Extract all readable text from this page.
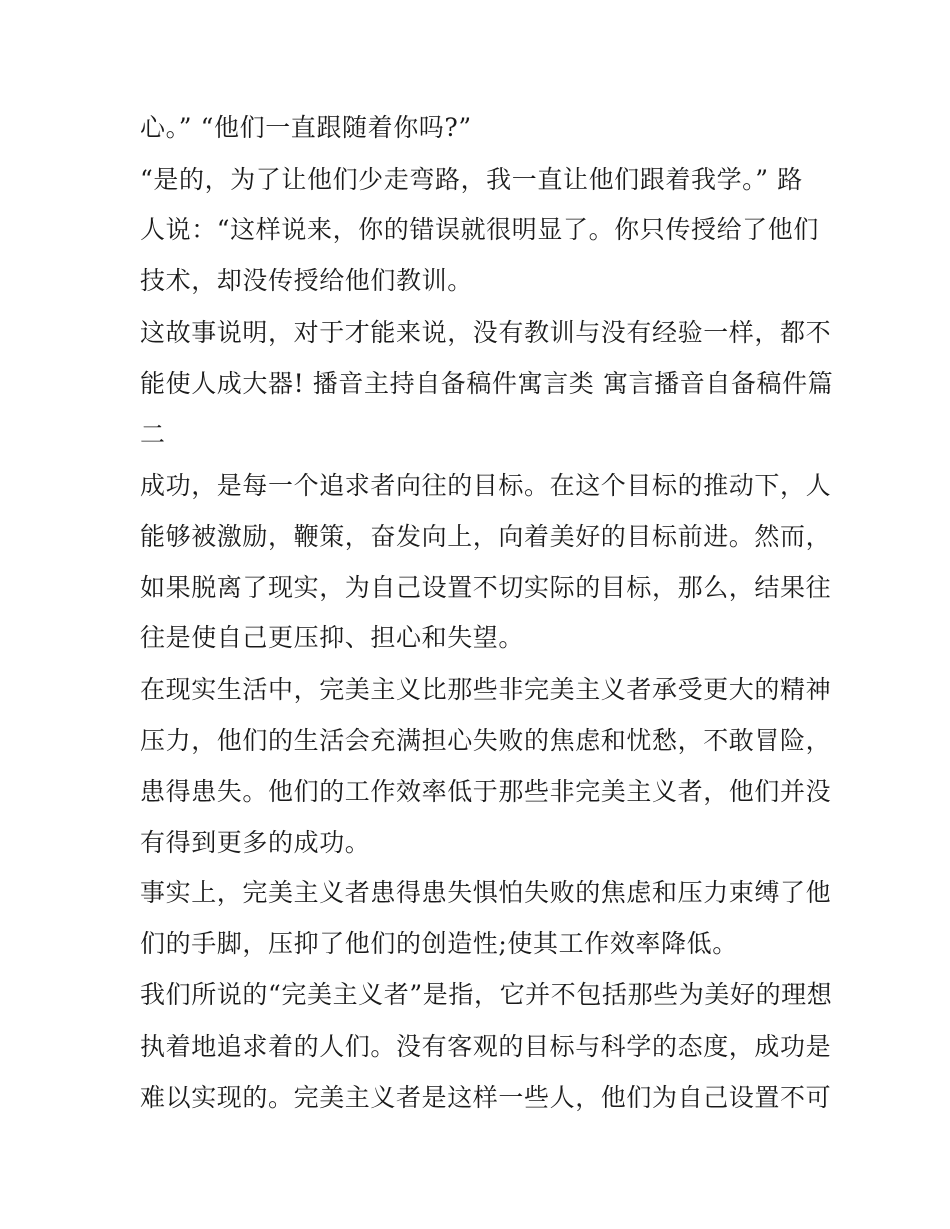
心。” “他们一直跟随着你吗?”
“是的，为了让他们少走弯路，我一直让他们跟着我学。” 路
人说：“这样说来，你的错误就很明显了。你只传授给了他们
技术，却没传授给他们教训。
这故事说明，对于才能来说，没有教训与没有经验一样，都不
能使人成大器! 播音主持自备稿件寓言类 寓言播音自备稿件篇
二
成功，是每一个追求者向往的目标。在这个目标的推动下，人
能够被激励，鞭策，奋发向上，向着美好的目标前进。然而，
如果脱离了现实，为自己设置不切实际的目标，那么，结果往
往是使自己更压抑、担心和失望。
在现实生活中，完美主义比那些非完美主义者承受更大的精神
压力，他们的生活会充满担心失败的焦虑和忧愁，不敢冒险，
患得患失。他们的工作效率低于那些非完美主义者，他们并没
有得到更多的成功。
事实上，完美主义者患得患失惧怕失败的焦虑和压力束缚了他
们的手脚，压抑了他们的创造性;使其工作效率降低。
我们所说的“完美主义者”是指，它并不包括那些为美好的理想
执着地追求着的人们。没有客观的目标与科学的态度，成功是
难以实现的。完美主义者是这样一些人，他们为自己设置不可
